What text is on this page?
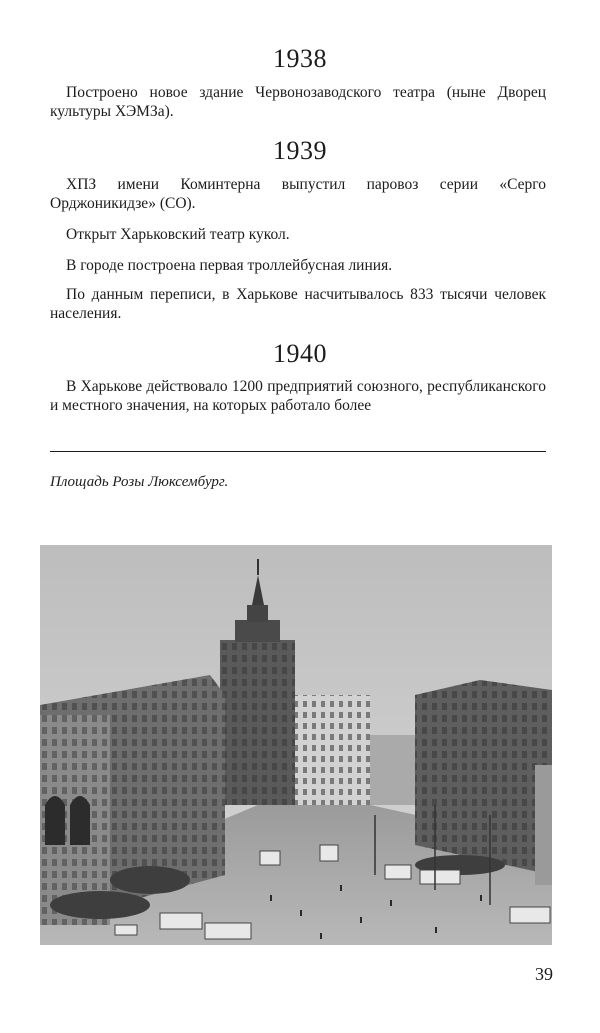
1938

Построено новое здание Червонозаводского театра (ныне Дворец культуры ХЭМЗа).

1939

ХПЗ имени Коминтерна выпустил паровоз серии «Серго Орджоникидзе» (СО).

Открыт Харьковский театр кукол.

В городе построена первая троллейбусная линия.

По данным переписи, в Харькове насчитывалось 833 тысячи человек населения.

1940

В Харькове действовало 1200 предприятий союзного, республиканского и местного значения, на которых работало более

Площадь Розы Люксембург.
39
